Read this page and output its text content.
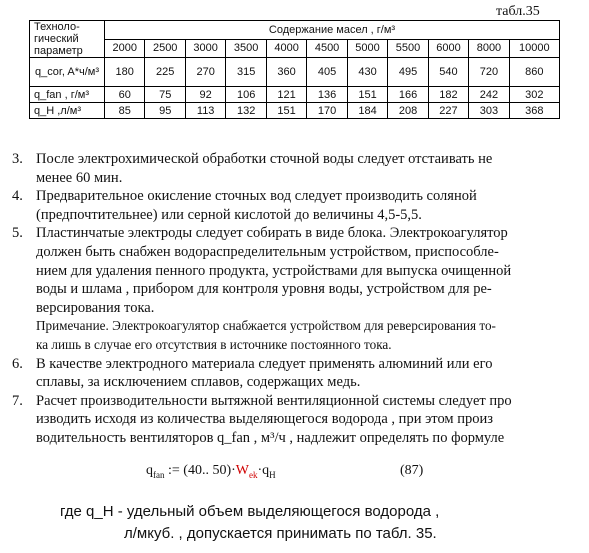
табл.35
Техноло-
гический
параметр	Содержание масел , г/м³										
	2000	2500	3000	3500	4000	4500	5000	5500	6000	8000	10000
q_cor, A*ч/м³	180	225	270	315	360	405	430	495	540	720	860
q_fan , г/м³	60	75	92	106	121	136	151	166	182	242	302
q_H ,л/м³	85	95	113	132	151	170	184	208	227	303	368
3. После электрохимической обработки сточной воды следует отстаивать не
менее 60 мин.
4. Предварительное окисление сточных вод следует производить соляной
(предпочтительнее) или серной кислотой до величины 4,5-5,5.
5. Пластинчатые электроды следует собирать в виде блока. Электрокоагулятор
должен быть снабжен водораспределительным устройством, приспособле-
нием для удаления пенного продукта, устройствами для выпуска очищенной
воды и шлама , прибором для контроля уровня воды, устройством для ре-
версирования тока.
Примечание. Электрокоагулятор снабжается устройством для реверсирования то-
ка лишь в случае его отсутствия в источнике постоянного тока.
6. В качестве электродного материала следует применять алюминий или его
сплавы, за исключением сплавов, содержащих медь.
7. Расчет производительности вытяжной вентиляционной системы следует про
изводить исходя из количества выделяющегося водорода , при этом произ
водительность вентиляторов q_fan , м³/ч , надлежит определять по формуле
$q_{fan}$ := (40.. $50)\cdot W_{ek}\cdot q_H$	(87)
где q_H - удельный объем выделяющегося водорода ,
л/мкуб. , допускается принимать по табл. 35.
